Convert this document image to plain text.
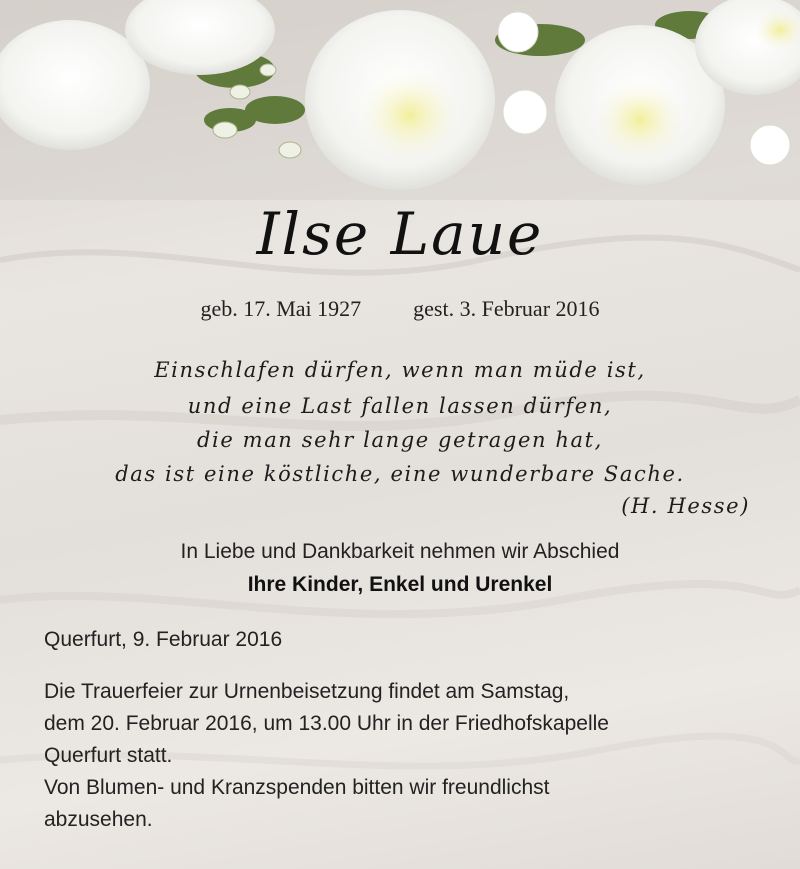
Ilse Laue
geb. 17. Mai 1927 gest. 3. Februar 2016
Einschlafen dürfen, wenn man müde ist,
und eine Last fallen lassen dürfen,
die man sehr lange getragen hat,
das ist eine köstliche, eine wunderbare Sache.
(H. Hesse)
In Liebe und Dankbarkeit nehmen wir Abschied
Ihre Kinder, Enkel und Urenkel
Querfurt, 9. Februar 2016
Die Trauerfeier zur Urnenbeisetzung findet am Samstag,
dem 20. Februar 2016, um 13.00 Uhr in der Friedhofskapelle
Querfurt statt.
Von Blumen- und Kranzspenden bitten wir freundlichst
abzusehen.
